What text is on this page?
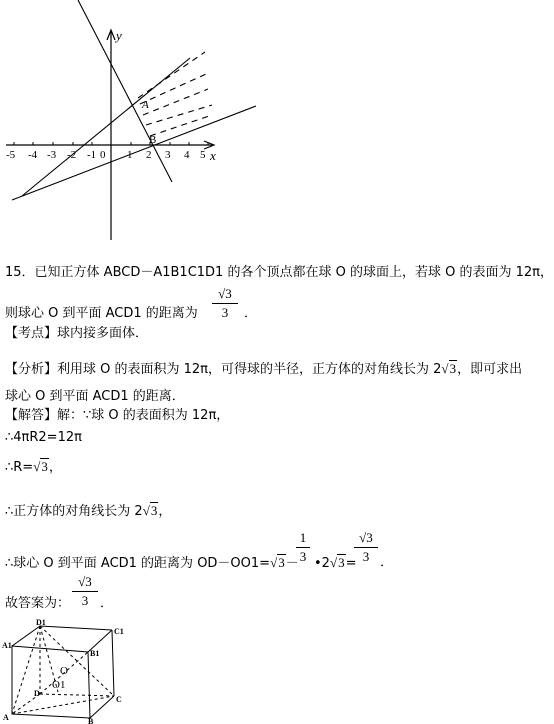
y
x
A
B
-5 -4 -3 -2 -1 0 1 2 3 4 5
15．已知正方体 ABCD－A1B1C1D1 的各个顶点都在球 O 的球面上，若球 O 的表面为 12π，
则球心 O 到平面 ACD1 的距离为
√3
3	．
【考点】球内接多面体．
【分析】利用球 O 的表面积为 12π，可得球的半径，正方体的对角线长为 2√3，即可求出
球心 O 到平面 ACD1 的距离．
【解答】解：∵球 O 的表面积为 12π，
∴4πR2=12π
∴R=√3，
∴正方体的对角线长为 2√3，
∴球心 O 到平面 ACD1 的距离为 OD－OO1=√3－
1
3 •2√3=
√3
3 ．
故答案为：
√3
3 ．
D1
C1
A1
B1
O
O1
D
C
A	B
